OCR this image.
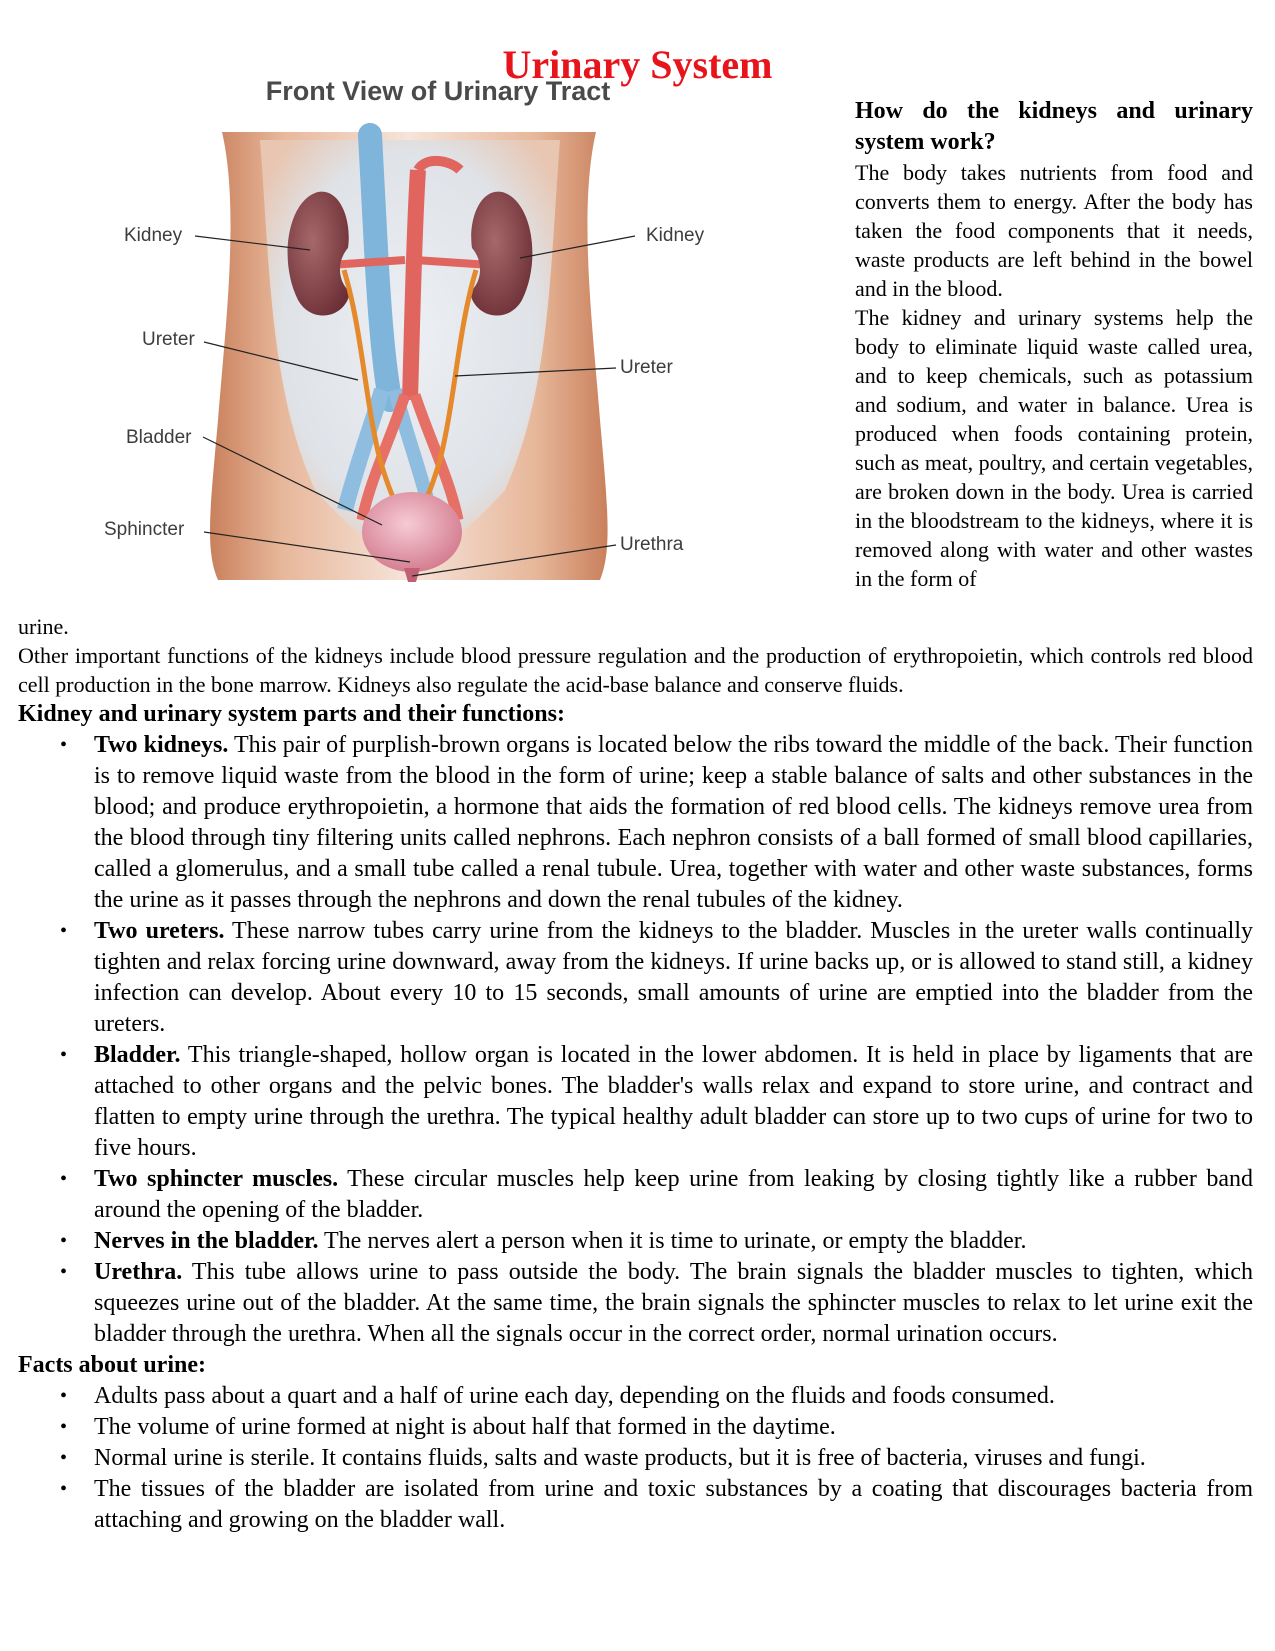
Urinary System
Front View of Urinary Tract
Kidney	Kidney
Ureter
Ureter
Bladder
Sphincter
Urethra
How do the kidneys and urinary system work?

The body takes nutrients from food and converts them to energy. After the body has taken the food components that it needs, waste products are left behind in the bowel and in the blood.

The kidney and urinary systems help the body to eliminate liquid waste called urea, and to keep chemicals, such as potassium and sodium, and water in balance. Urea is produced when foods containing protein, such as meat, poultry, and certain vegetables, are broken down in the body. Urea is carried in the bloodstream to the kidneys, where it is removed along with water and other wastes in the form of

urine.

Other important functions of the kidneys include blood pressure regulation and the production of erythropoietin, which controls red blood cell production in the bone marrow. Kidneys also regulate the acid-base balance and conserve fluids.

Kidney and urinary system parts and their functions:
• Two kidneys. This pair of purplish-brown organs is located below the ribs toward the middle of the back. Their function is to remove liquid waste from the blood in the form of urine; keep a stable balance of salts and other substances in the blood; and produce erythropoietin, a hormone that aids the formation of red blood cells. The kidneys remove urea from the blood through tiny filtering units called nephrons. Each nephron consists of a ball formed of small blood capillaries, called a glomerulus, and a small tube called a renal tubule. Urea, together with water and other waste substances, forms the urine as it passes through the nephrons and down the renal tubules of the kidney.
• Two ureters. These narrow tubes carry urine from the kidneys to the bladder. Muscles in the ureter walls continually tighten and relax forcing urine downward, away from the kidneys. If urine backs up, or is allowed to stand still, a kidney infection can develop. About every 10 to 15 seconds, small amounts of urine are emptied into the bladder from the ureters.
• Bladder. This triangle-shaped, hollow organ is located in the lower abdomen. It is held in place by ligaments that are attached to other organs and the pelvic bones. The bladder's walls relax and expand to store urine, and contract and flatten to empty urine through the urethra. The typical healthy adult bladder can store up to two cups of urine for two to five hours.
• Two sphincter muscles. These circular muscles help keep urine from leaking by closing tightly like a rubber band around the opening of the bladder.
• Nerves in the bladder. The nerves alert a person when it is time to urinate, or empty the bladder.
• Urethra. This tube allows urine to pass outside the body. The brain signals the bladder muscles to tighten, which squeezes urine out of the bladder. At the same time, the brain signals the sphincter muscles to relax to let urine exit the bladder through the urethra. When all the signals occur in the correct order, normal urination occurs.
Facts about urine:
• Adults pass about a quart and a half of urine each day, depending on the fluids and foods consumed.
• The volume of urine formed at night is about half that formed in the daytime.
• Normal urine is sterile. It contains fluids, salts and waste products, but it is free of bacteria, viruses and fungi.
• The tissues of the bladder are isolated from urine and toxic substances by a coating that discourages bacteria from attaching and growing on the bladder wall.
